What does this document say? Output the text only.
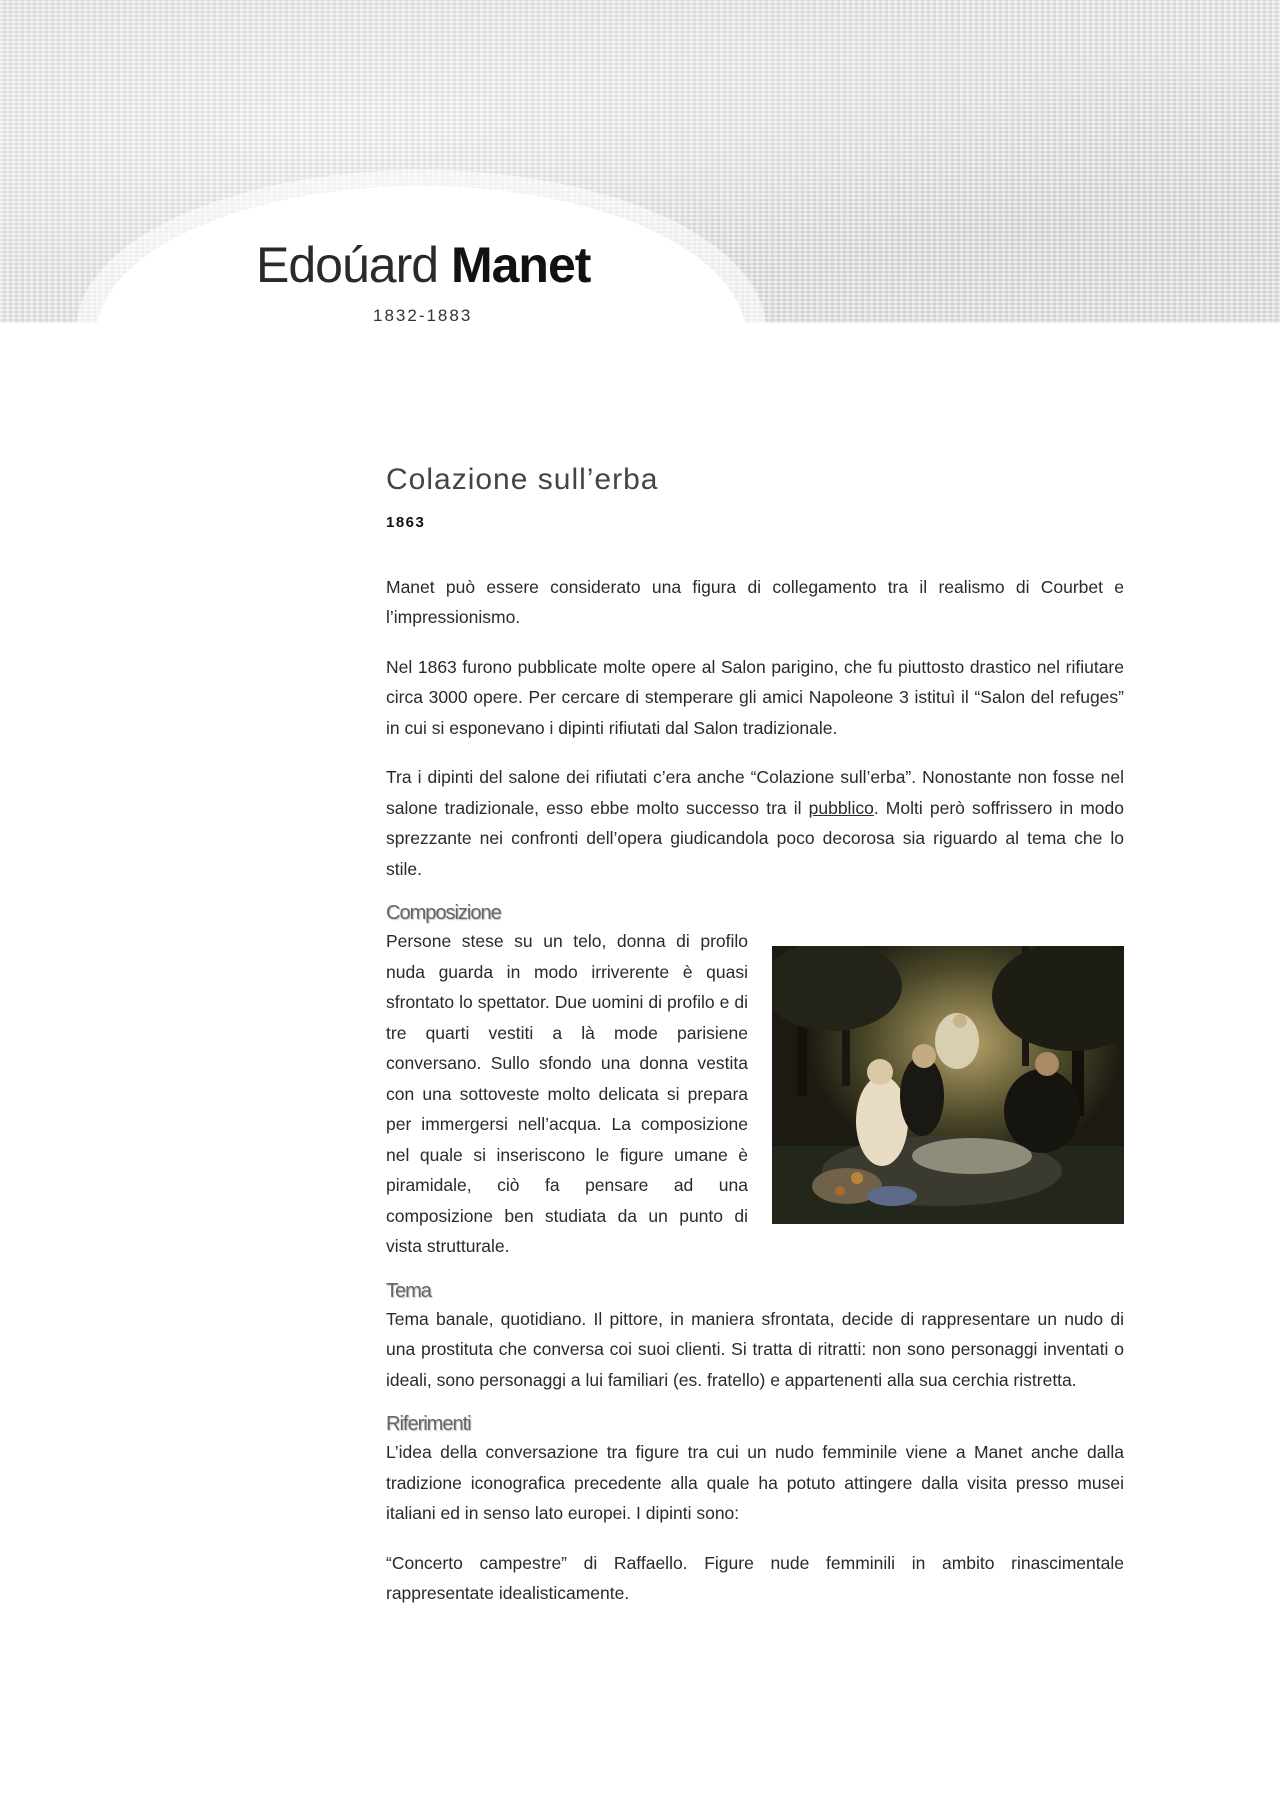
Edoúard Manet
1832-1883
Colazione sull’erba
1863

Manet può essere considerato una figura di collegamento tra il realismo di Courbet e l’impressionismo.

Nel 1863 furono pubblicate molte opere al Salon parigino, che fu piuttosto drastico nel rifiutare circa 3000 opere. Per cercare di stemperare gli amici Napoleone 3 istituì il “Salon del refuges” in cui si esponevano i dipinti rifiutati dal Salon tradizionale.

Tra i dipinti del salone dei rifiutati c’era anche “Colazione sull’erba”. Nonostante non fosse nel salone tradizionale, esso ebbe molto successo tra il pubblico. Molti però soffrissero in modo sprezzante nei confronti dell’opera giudicandola poco decorosa sia riguardo al tema che lo stile.

Composizione

Persone stese su un telo, donna di profilo nuda guarda in modo irriverente è quasi sfrontato lo spettator. Due uomini di profilo e di tre quarti vestiti a là mode parisiene conversano. Sullo sfondo una donna vestita con una sottoveste molto delicata si prepara per immergersi nell’acqua. La composizione nel quale si inseriscono le figure umane è piramidale, ciò fa pensare ad una composizione ben studiata da un punto di vista strutturale.

Tema

Tema banale, quotidiano. Il pittore, in maniera sfrontata, decide di rappresentare un nudo di una prostituta che conversa coi suoi clienti. Si tratta di ritratti: non sono personaggi inventati o ideali, sono personaggi a lui familiari (es. fratello) e appartenenti alla sua cerchia ristretta.

Riferimenti

L’idea della conversazione tra figure tra cui un nudo femminile viene a Manet anche dalla tradizione iconografica precedente alla quale ha potuto attingere dalla visita presso musei italiani ed in senso lato europei. I dipinti sono:

“Concerto campestre” di Raffaello. Figure nude femminili in ambito rinascimentale rappresentate idealisticamente.
